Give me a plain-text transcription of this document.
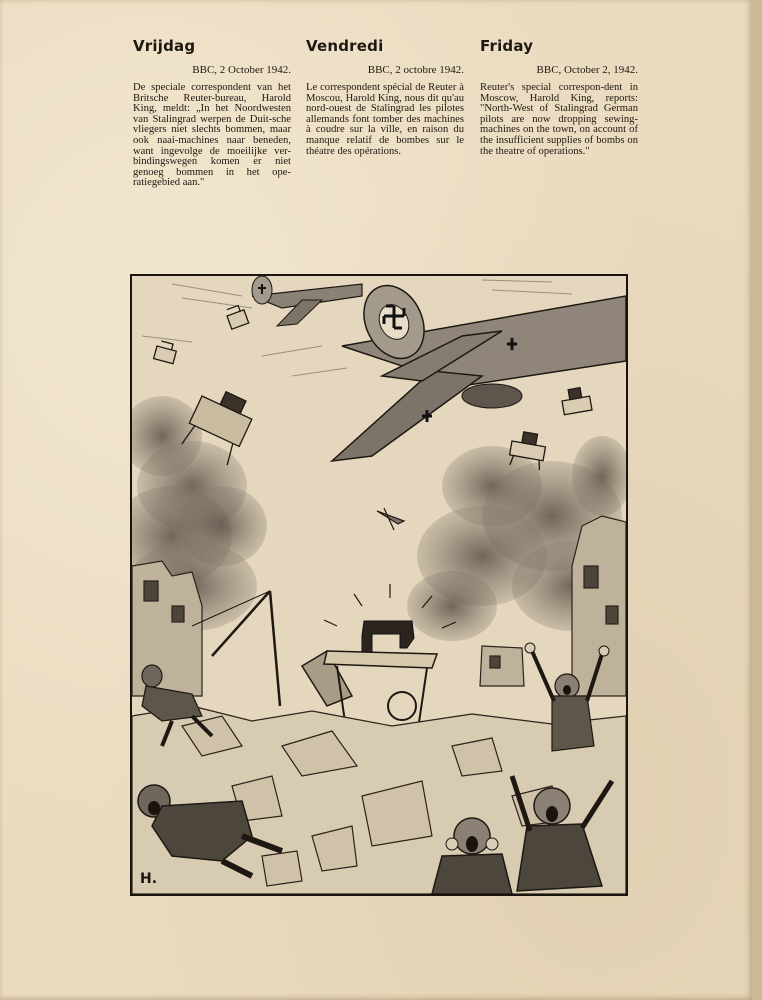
Vrijdag

BBC, 2 October 1942.

De speciale correspondent van het Britsche Reuter-bureau, Harold King, meldt: „In het Noordwesten van Stalingrad werpen de Duit-sche vliegers niet slechts bommen, maar ook naai-machines naar beneden, want ingevolge de moeilijke ver-bindingswegen komen er niet genoeg bommen in het ope-ratiegebied aan."

Vendredi

BBC, 2 octobre 1942.

Le correspondent spécial de Reuter à Moscou, Harold King, nous dit qu'au nord-ouest de Stalingrad les pilotes allemands font tomber des machines à coudre sur la ville, en raison du manque relatif de bombes sur le théatre des opérations.

Friday

BBC, October 2, 1942.

Reuter's special correspon-dent in Moscow, Harold King, reports: "North-West of Stalingrad German pilots are now dropping sewing-machines on the town, on account of the insufficient supplies of bombs on the theatre of operations."

H.
